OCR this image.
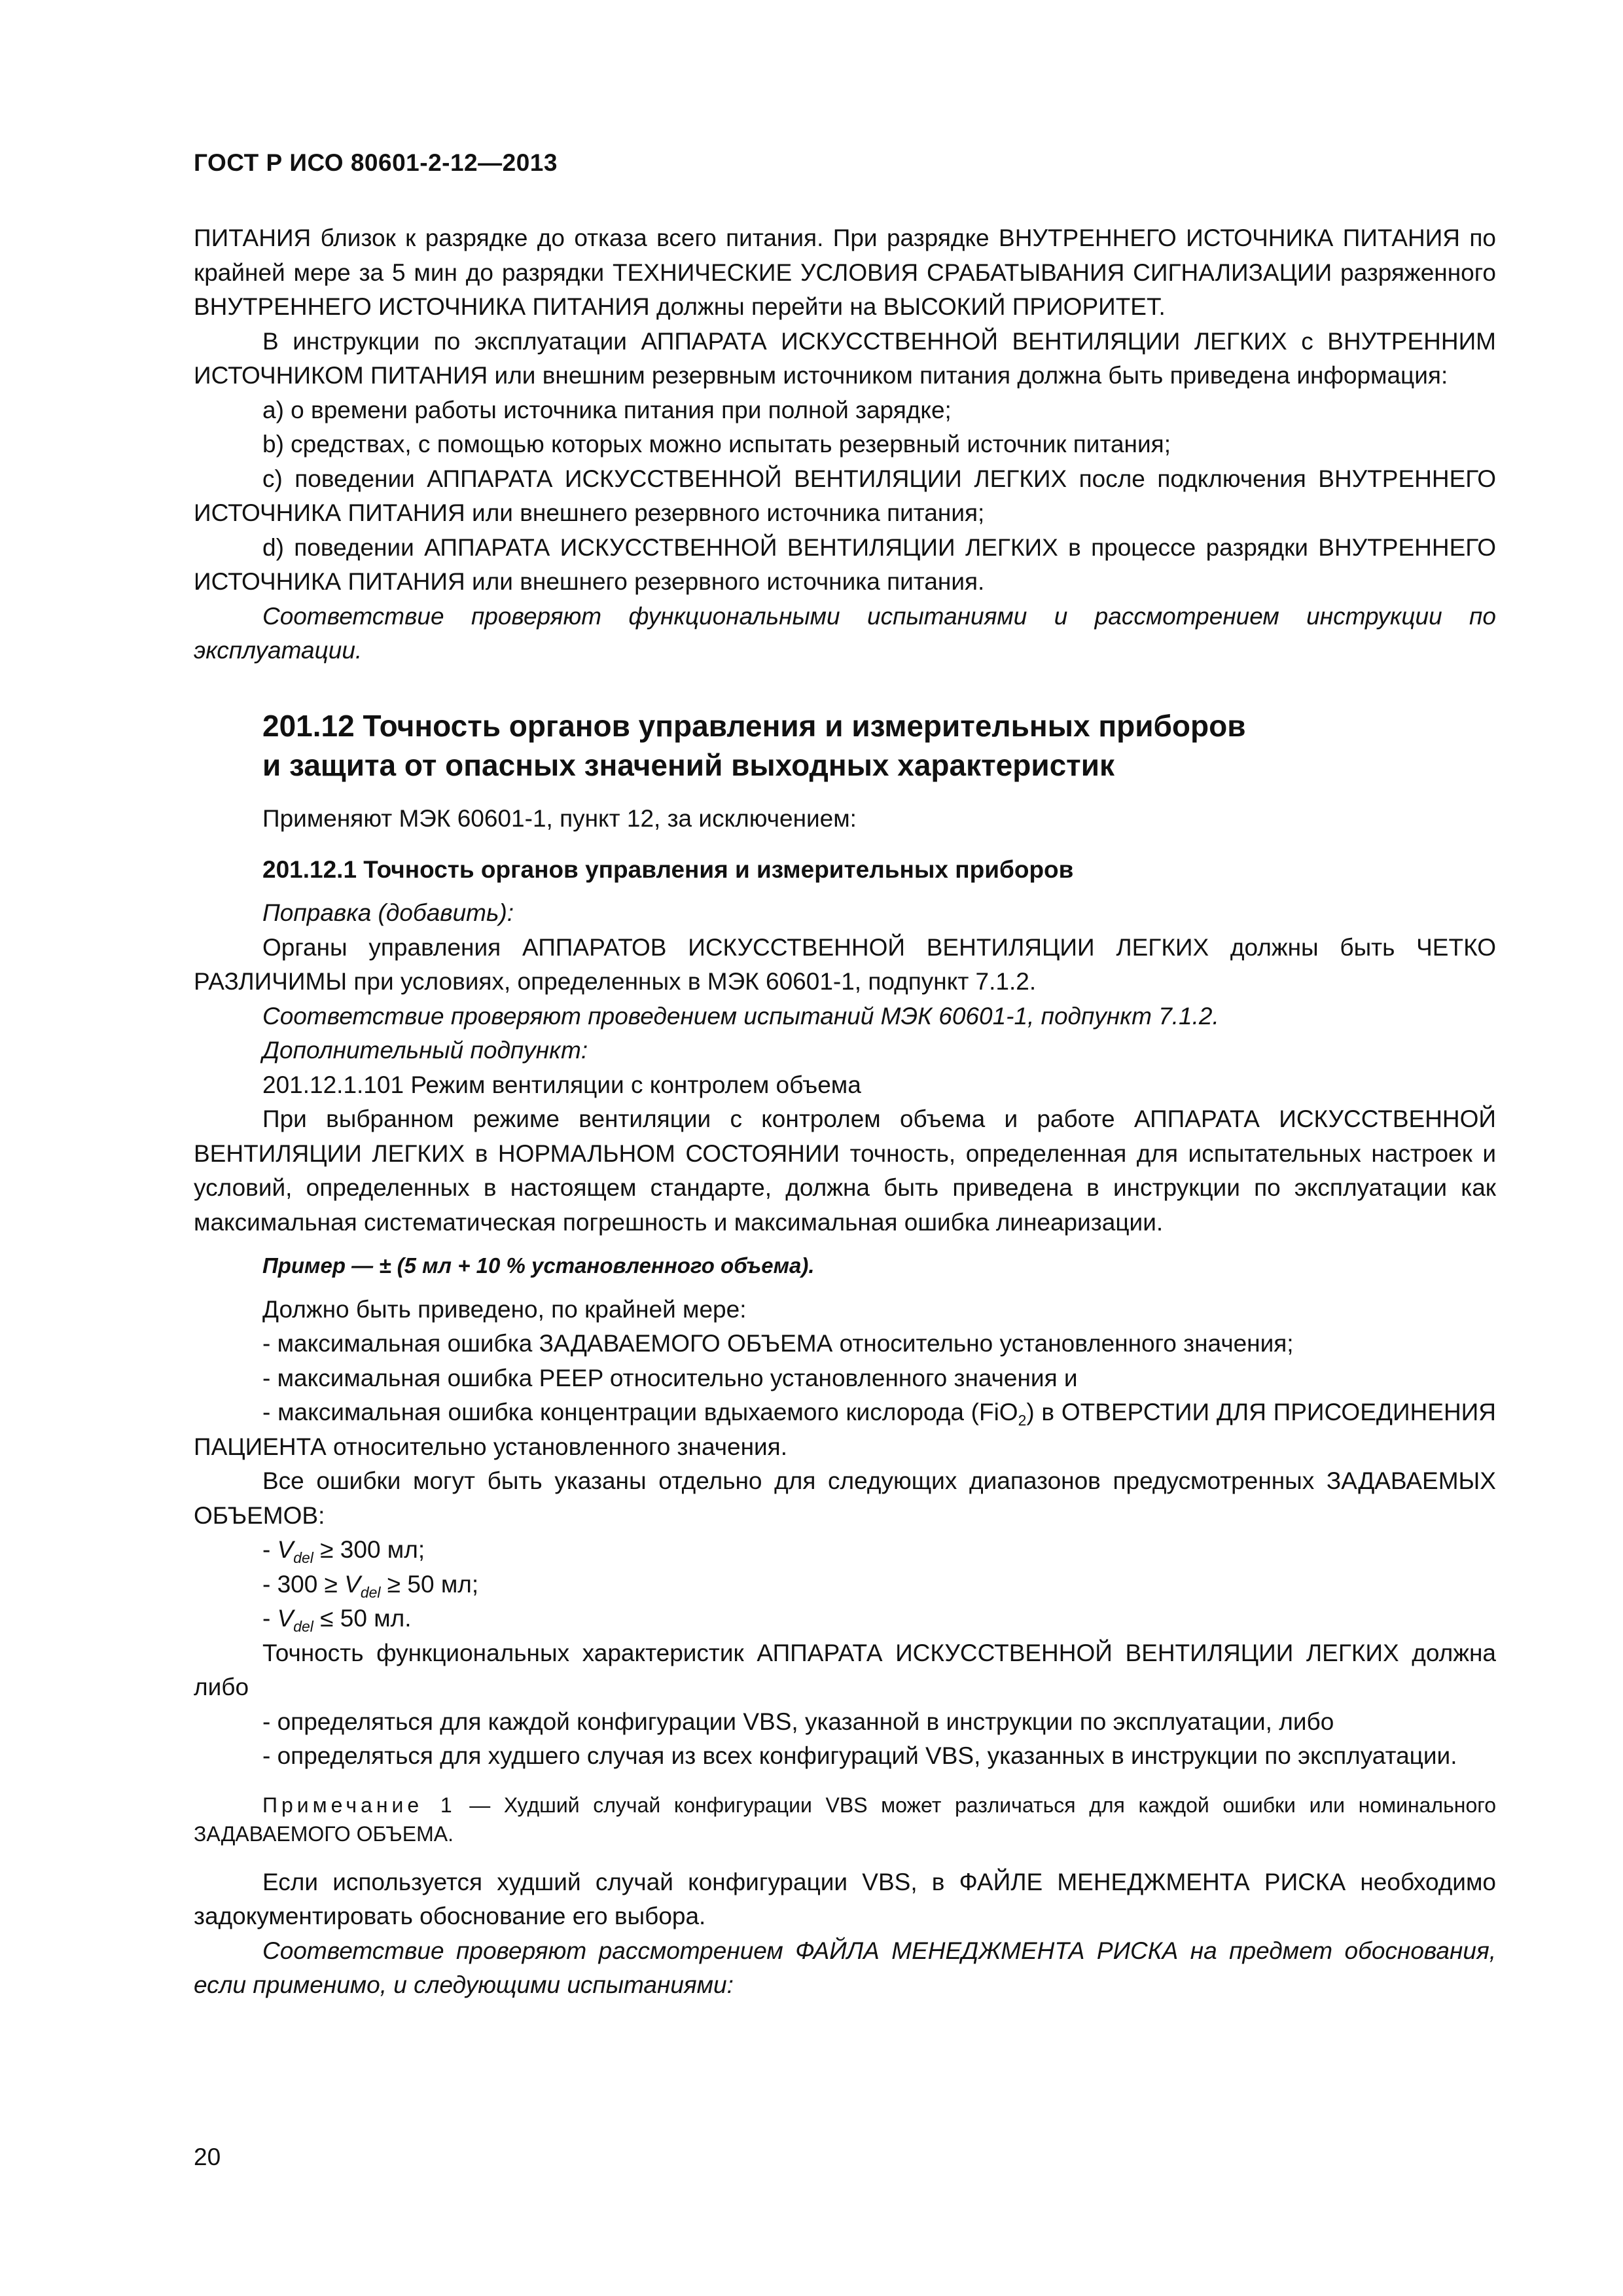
ГОСТ Р ИСО 80601-2-12—2013

ПИТАНИЯ близок к разрядке до отказа всего питания. При разрядке ВНУТРЕННЕГО ИСТОЧНИКА ПИТАНИЯ по крайней мере за 5 мин до разрядки ТЕХНИЧЕСКИЕ УСЛОВИЯ СРАБАТЫВАНИЯ СИГНАЛИЗАЦИИ разряженного ВНУТРЕННЕГО ИСТОЧНИКА ПИТАНИЯ должны перейти на ВЫСОКИЙ ПРИОРИТЕТ.

В инструкции по эксплуатации АППАРАТА ИСКУССТВЕННОЙ ВЕНТИЛЯЦИИ ЛЕГКИХ с ВНУТРЕННИМ ИСТОЧНИКОМ ПИТАНИЯ или внешним резервным источником питания должна быть приведена информация:

a) о времени работы источника питания при полной зарядке;

b) средствах, с помощью которых можно испытать резервный источник питания;

c) поведении АППАРАТА ИСКУССТВЕННОЙ ВЕНТИЛЯЦИИ ЛЕГКИХ после подключения ВНУТРЕННЕГО ИСТОЧНИКА ПИТАНИЯ или внешнего резервного источника питания;

d) поведении АППАРАТА ИСКУССТВЕННОЙ ВЕНТИЛЯЦИИ ЛЕГКИХ в процессе разрядки ВНУТРЕННЕГО ИСТОЧНИКА ПИТАНИЯ или внешнего резервного источника питания.

Соответствие проверяют функциональными испытаниями и рассмотрением инструкции по эксплуатации.

201.12 Точность органов управления и измерительных приборов
и защита от опасных значений выходных характеристик

Применяют МЭК 60601-1, пункт 12, за исключением:

201.12.1 Точность органов управления и измерительных приборов

Поправка (добавить):

Органы управления АППАРАТОВ ИСКУССТВЕННОЙ ВЕНТИЛЯЦИИ ЛЕГКИХ должны быть ЧЕТКО РАЗЛИЧИМЫ при условиях, определенных в МЭК 60601-1, подпункт 7.1.2.

Соответствие проверяют проведением испытаний МЭК 60601-1, подпункт 7.1.2.

Дополнительный подпункт:

201.12.1.101 Режим вентиляции с контролем объема

При выбранном режиме вентиляции с контролем объема и работе АППАРАТА ИСКУССТВЕННОЙ ВЕНТИЛЯЦИИ ЛЕГКИХ в НОРМАЛЬНОМ СОСТОЯНИИ точность, определенная для испытательных настроек и условий, определенных в настоящем стандарте, должна быть приведена в инструкции по эксплуатации как максимальная систематическая погрешность и максимальная ошибка линеаризации.

Пример — ± (5 мл + 10 % установленного объема).

Должно быть приведено, по крайней мере:

- максимальная ошибка ЗАДАВАЕМОГО ОБЪЕМА относительно установленного значения;

- максимальная ошибка PEEP относительно установленного значения и

- максимальная ошибка концентрации вдыхаемого кислорода (FiO$_2$) в ОТВЕРСТИИ ДЛЯ ПРИСОЕДИНЕНИЯ ПАЦИЕНТА относительно установленного значения.

Все ошибки могут быть указаны отдельно для следующих диапазонов предусмотренных ЗАДАВАЕМЫХ ОБЪЕМОВ:

- $V_{del} \ge 300$ мл;

- $300 \ge V_{del} \ge 50$ мл;

- $V_{del} \le 50$ мл.

Точность функциональных характеристик АППАРАТА ИСКУССТВЕННОЙ ВЕНТИЛЯЦИИ ЛЕГКИХ должна либо

- определяться для каждой конфигурации VBS, указанной в инструкции по эксплуатации, либо

- определяться для худшего случая из всех конфигураций VBS, указанных в инструкции по эксплуатации.

Примечание 1 — Худший случай конфигурации VBS может различаться для каждой ошибки или номинального ЗАДАВАЕМОГО ОБЪЕМА.

Если используется худший случай конфигурации VBS, в ФАЙЛЕ МЕНЕДЖМЕНТА РИСКА необходимо задокументировать обоснование его выбора.

Соответствие проверяют рассмотрением ФАЙЛА МЕНЕДЖМЕНТА РИСКА на предмет обоснования, если применимо, и следующими испытаниями:

20
